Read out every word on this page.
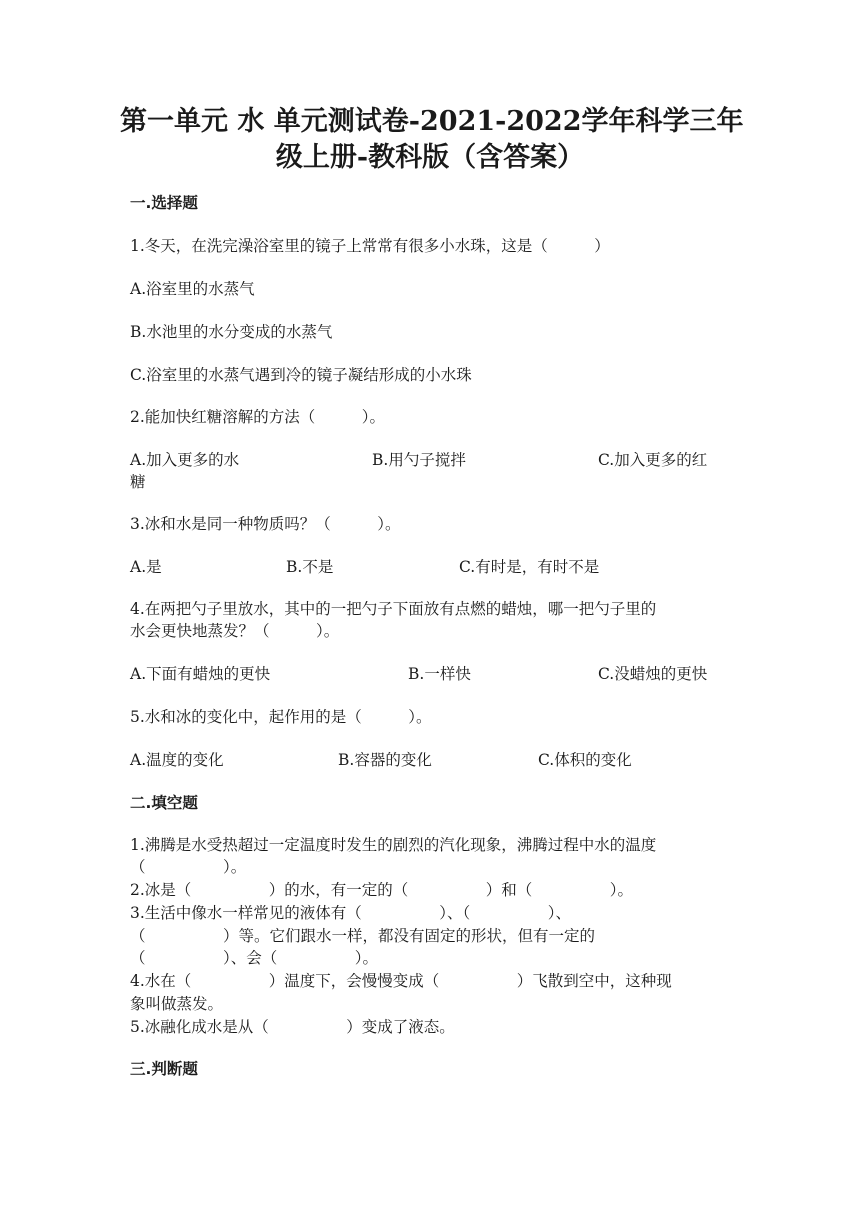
第一单元 水 单元测试卷-2021-2022学年科学三年
级上册-教科版（含答案）
一.选择题
1.冬天，在洗完澡浴室里的镜子上常常有很多小水珠，这是（　　　）
A.浴室里的水蒸气
B.水池里的水分变成的水蒸气
C.浴室里的水蒸气遇到冷的镜子凝结形成的小水珠
2.能加快红糖溶解的方法（　　　）。
A.加入更多的水	B.用勺子搅拌	C.加入更多的红
糖
3.冰和水是同一种物质吗？（　　　）。
A.是	B.不是	C.有时是，有时不是
4.在两把勺子里放水，其中的一把勺子下面放有点燃的蜡烛，哪一把勺子里的
水会更快地蒸发？（　　　）。
A.下面有蜡烛的更快	B.一样快	C.没蜡烛的更快
5.水和冰的变化中，起作用的是（　　　）。
A.温度的变化	B.容器的变化	C.体积的变化
二.填空题
1.沸腾是水受热超过一定温度时发生的剧烈的汽化现象，沸腾过程中水的温度
（　　　　　）。
2.冰是（　　　　　）的水，有一定的（　　　　　）和（　　　　　）。
3.生活中像水一样常见的液体有（　　　　　）、（　　　　　）、
（　　　　　）等。它们跟水一样，都没有固定的形状，但有一定的
（　　　　　）、会（　　　　　）。
4.水在（　　　　　）温度下，会慢慢变成（　　　　　）飞散到空中，这种现
象叫做蒸发。
5.冰融化成水是从（　　　　　）变成了液态。
三.判断题
